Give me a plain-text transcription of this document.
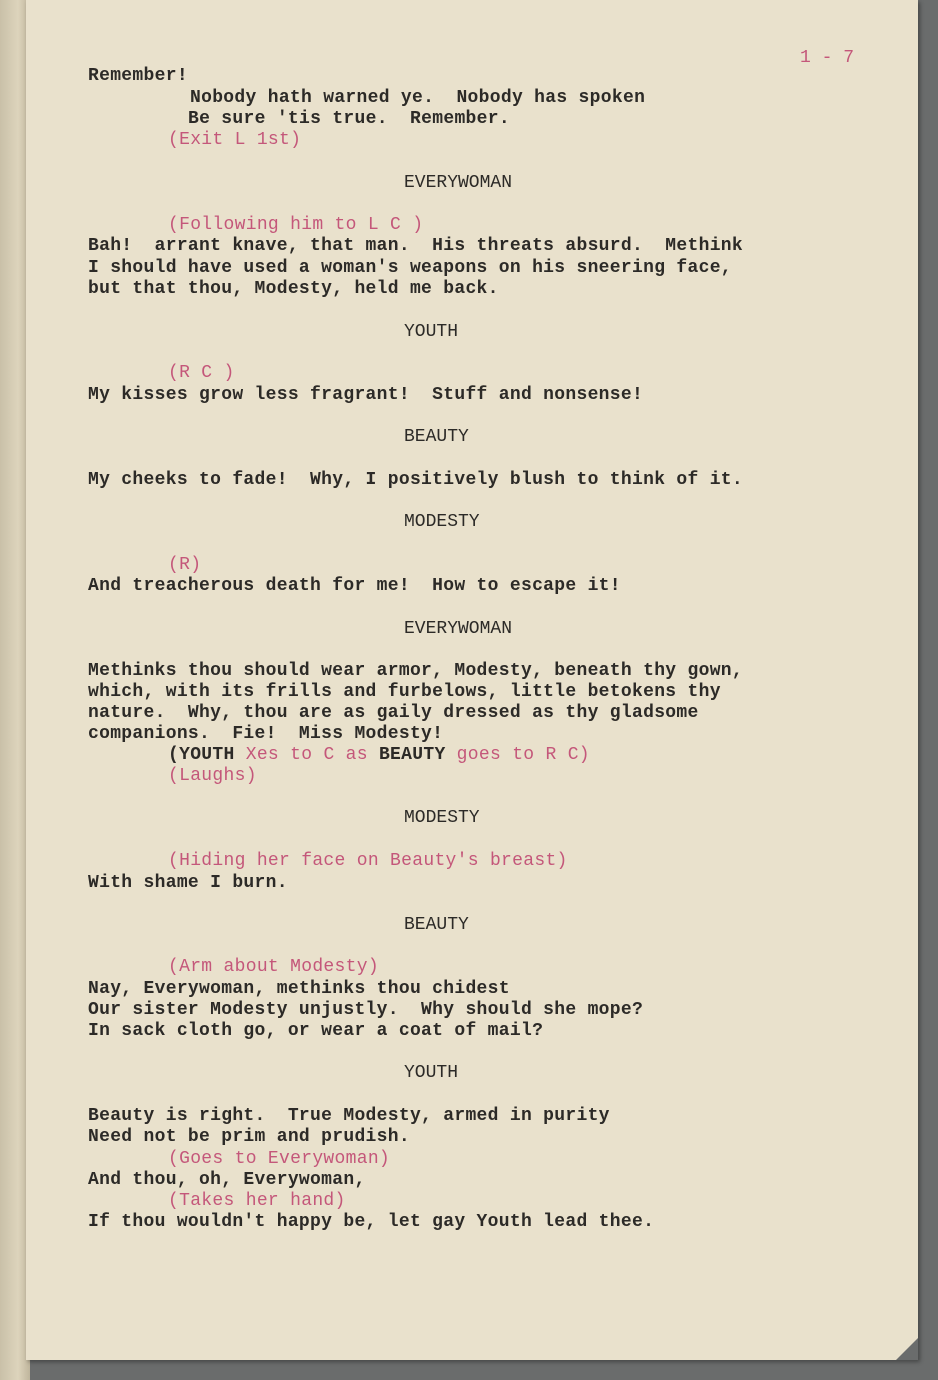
1 - 7
Remember!
Nobody hath warned ye.  Nobody has spoken
Be sure 'tis true.  Remember.
(Exit L 1st)
EVERYWOMAN
(Following him to L C )
Bah!  arrant knave, that man.  His threats absurd.  Methink
I should have used a woman's weapons on his sneering face,
but that thou, Modesty, held me back.
YOUTH
(R C )
My kisses grow less fragrant!  Stuff and nonsense!
BEAUTY
My cheeks to fade!  Why, I positively blush to think of it.
MODESTY
(R)
And treacherous death for me!  How to escape it!
EVERYWOMAN
Methinks thou should wear armor, Modesty, beneath thy gown,
which, with its frills and furbelows, little betokens thy
nature.  Why, thou are as gaily dressed as thy gladsome
companions.  Fie!  Miss Modesty!
(YOUTH Xes to C as BEAUTY goes to R C)
(Laughs)
MODESTY
(Hiding her face on Beauty's breast)
With shame I burn.
BEAUTY
(Arm about Modesty)
Nay, Everywoman, methinks thou chidest
Our sister Modesty unjustly.  Why should she mope?
In sack cloth go, or wear a coat of mail?
YOUTH
Beauty is right.  True Modesty, armed in purity
Need not be prim and prudish.
(Goes to Everywoman)
And thou, oh, Everywoman,
(Takes her hand)
If thou wouldn't happy be, let gay Youth lead thee.
